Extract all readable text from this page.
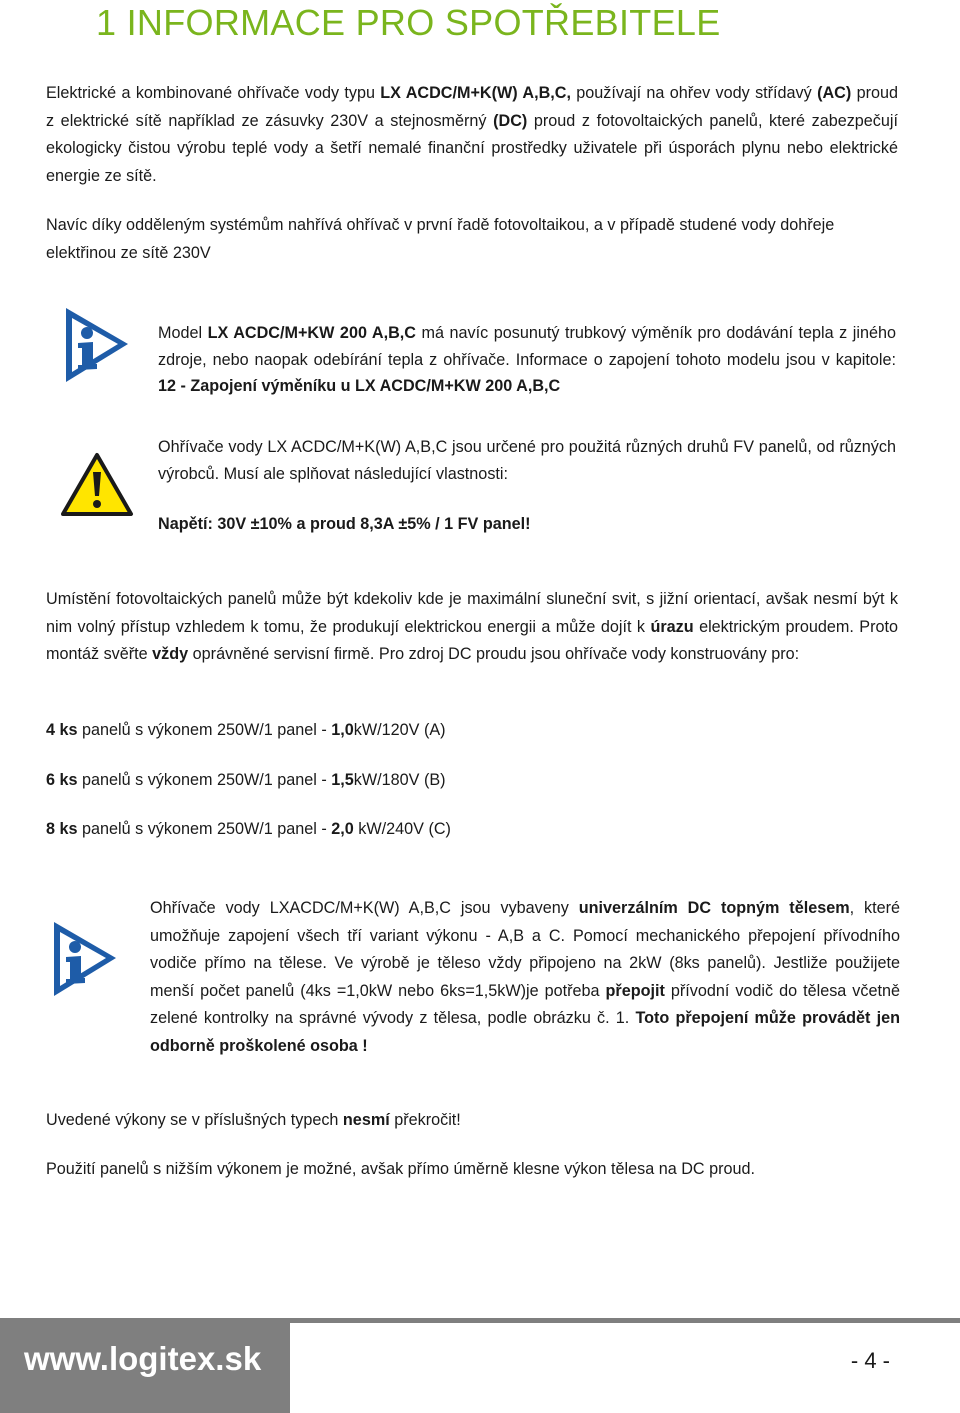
1 INFORMACE PRO SPOTŘEBITELE

Elektrické a kombinované ohřívače vody typu LX ACDC/M+K(W) A,B,C, používají na ohřev vody střídavý (AC) proud z elektrické sítě například ze zásuvky 230V a stejnosměrný (DC) proud z fotovoltaických panelů, které zabezpečují ekologicky čistou výrobu teplé vody a šetří nemalé finanční prostředky uživatele při úsporách plynu nebo elektrické energie ze sítě.

Navíc díky odděleným systémům nahřívá ohřívač v první řadě fotovoltaikou, a v případě studené vody dohřeje elektřinou ze sítě 230V

Model LX ACDC/M+KW 200 A,B,C má navíc posunutý trubkový výměník pro dodávání tepla z jiného zdroje, nebo naopak odebírání tepla z ohřívače. Informace o zapojení tohoto modelu jsou v kapitole: 12 - Zapojení výměníku u LX ACDC/M+KW 200 A,B,C

Ohřívače vody LX ACDC/M+K(W) A,B,C jsou určené pro použitá různých druhů FV panelů, od různých výrobců. Musí ale splňovat následující vlastnosti:

Napětí: 30V ±10% a proud 8,3A ±5% / 1 FV panel!

Umístění fotovoltaických panelů může být kdekoliv kde je maximální sluneční svit, s jižní orientací, avšak nesmí být k nim volný přístup vzhledem k tomu, že produkují elektrickou energii a může dojít k úrazu elektrickým proudem. Proto montáž svěřte vždy oprávněné servisní firmě. Pro zdroj DC proudu jsou ohřívače vody konstruovány pro:

4 ks panelů s výkonem 250W/1 panel - 1,0kW/120V (A)

6 ks panelů s výkonem 250W/1 panel - 1,5kW/180V (B)

8 ks panelů s výkonem 250W/1 panel - 2,0 kW/240V (C)

Ohřívače vody LXACDC/M+K(W) A,B,C jsou vybaveny univerzálním DC topným tělesem, které umožňuje zapojení všech tří variant výkonu - A,B a C. Pomocí mechanického přepojení přívodního vodiče přímo na tělese. Ve výrobě je těleso vždy připojeno na 2kW (8ks panelů). Jestliže použijete menší počet panelů (4ks =1,0kW nebo 6ks=1,5kW)je potřeba přepojit přívodní vodič do tělesa včetně zelené kontrolky na správné vývody z tělesa, podle obrázku č. 1. Toto přepojení může provádět jen odborně proškolené osoba !

Uvedené výkony se v příslušných typech nesmí překročit!

Použití panelů s nižším výkonem je možné, avšak přímo úměrně klesne výkon tělesa na DC proud.

www.logitex.sk	- 4 -
